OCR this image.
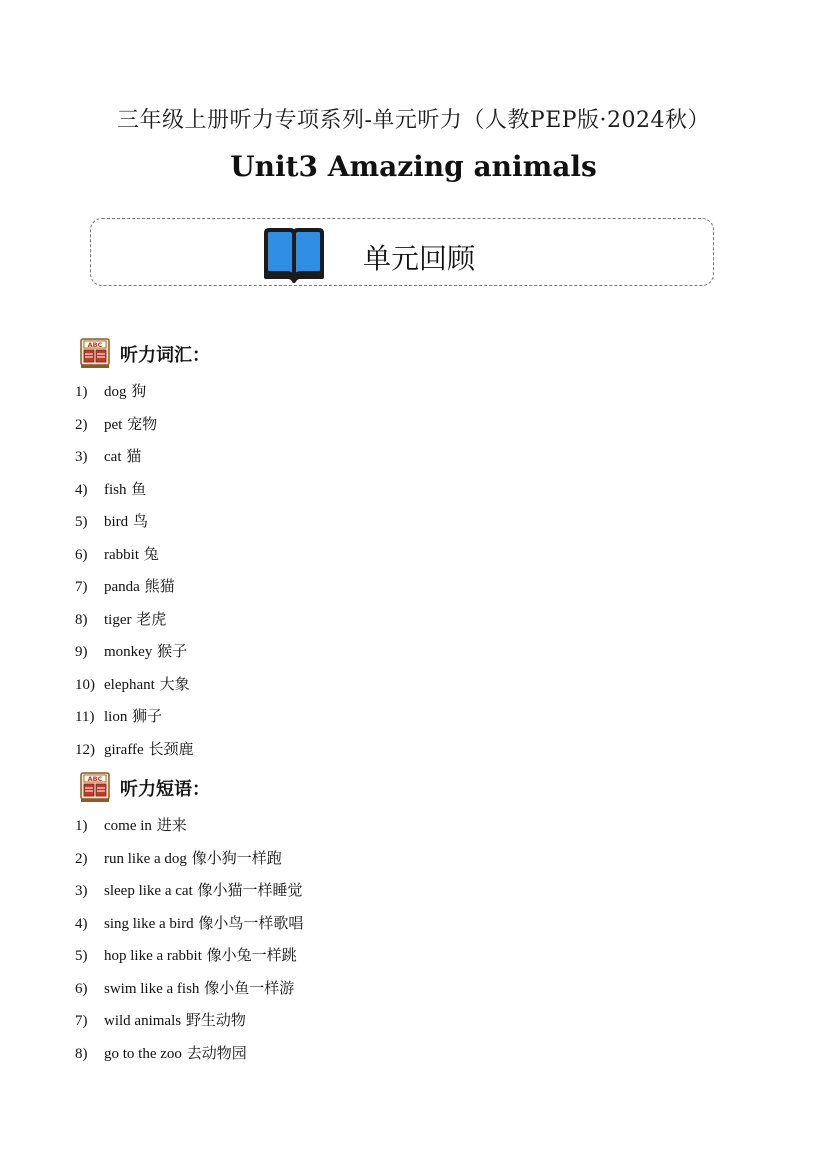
三年级上册听力专项系列-单元听力（人教PEP版·2024秋）
Unit3 Amazing animals
单元回顾
ABC 听力词汇：
1) dog 狗
2) pet 宠物
3) cat 猫
4) fish 鱼
5) bird 鸟
6) rabbit 兔
7) panda 熊猫
8) tiger 老虎
9) monkey 猴子
10) elephant 大象
11) lion 狮子
12) giraffe 长颈鹿
ABC 听力短语：
1) come in 进来
2) run like a dog 像小狗一样跑
3) sleep like a cat 像小猫一样睡觉
4) sing like a bird 像小鸟一样歌唱
5) hop like a rabbit 像小兔一样跳
6) swim like a fish 像小鱼一样游
7) wild animals 野生动物
8) go to the zoo 去动物园
